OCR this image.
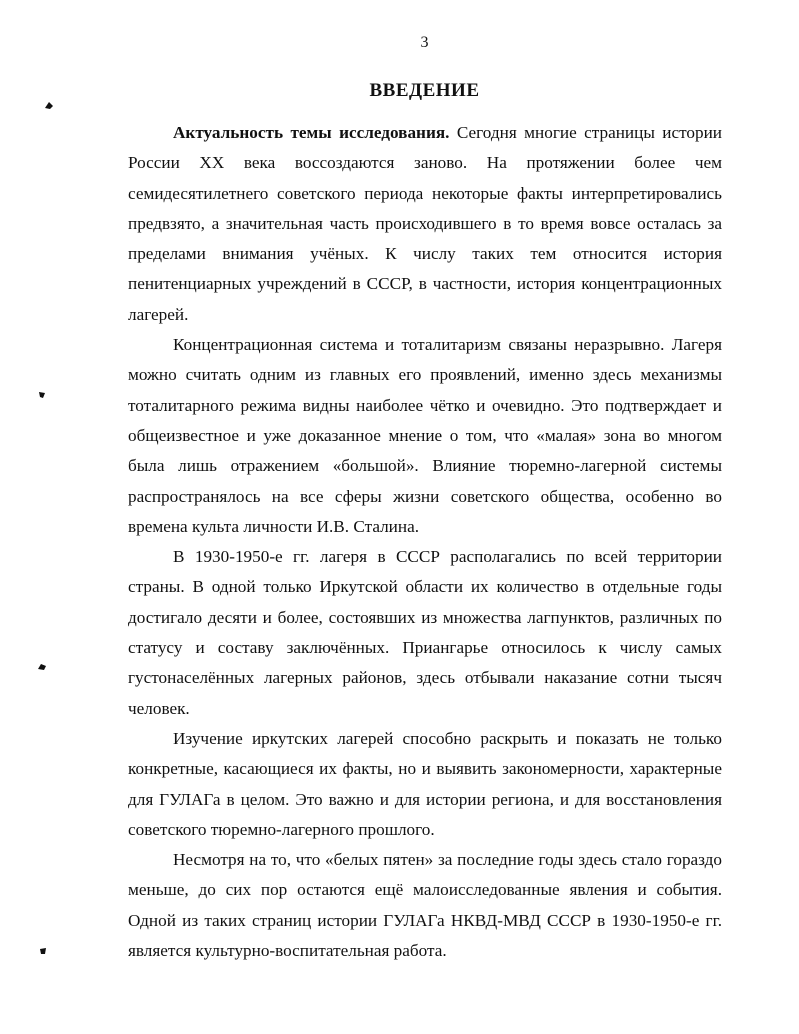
3
ВВЕДЕНИЕ

Актуальность темы исследования. Сегодня многие страницы истории России XX века воссоздаются заново. На протяжении более чем семидесятилетнего советского периода некоторые факты интерпретировались предвзято, а значительная часть происходившего в то время вовсе осталась за пределами внимания учёных. К числу таких тем относится история пенитенциарных учреждений в СССР, в частности, история концентрационных лагерей.

Концентрационная система и тоталитаризм связаны неразрывно. Лагеря можно считать одним из главных его проявлений, именно здесь механизмы тоталитарного режима видны наиболее чётко и очевидно. Это подтверждает и общеизвестное и уже доказанное мнение о том, что «малая» зона во многом была лишь отражением «большой». Влияние тюремно-лагерной системы распространялось на все сферы жизни советского общества, особенно во времена культа личности И.В. Сталина.

В 1930-1950-е гг. лагеря в СССР располагались по всей территории страны. В одной только Иркутской области их количество в отдельные годы достигало десяти и более, состоявших из множества лагпунктов, различных по статусу и составу заключённых. Приангарье относилось к числу самых густонаселённых лагерных районов, здесь отбывали наказание сотни тысяч человек.

Изучение иркутских лагерей способно раскрыть и показать не только конкретные, касающиеся их факты, но и выявить закономерности, характерные для ГУЛАГа в целом. Это важно и для истории региона, и для восстановления советского тюремно-лагерного прошлого.

Несмотря на то, что «белых пятен» за последние годы здесь стало гораздо меньше, до сих пор остаются ещё малоисследованные явления и события. Одной из таких страниц истории ГУЛАГа НКВД-МВД СССР в 1930-1950-е гг. является культурно-воспитательная работа.
